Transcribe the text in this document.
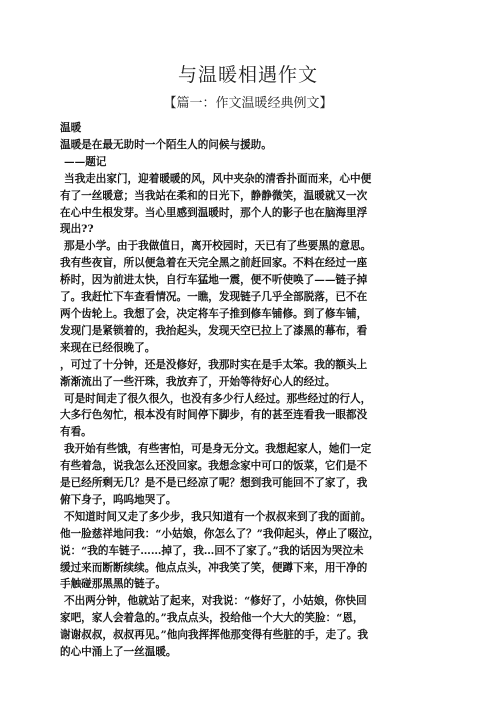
与温暖相遇作文
【篇一：作文温暖经典例文】
温暖
温暖是在最无助时一个陌生人的问候与援助。
——题记
当我走出家门，迎着暖暖的风，风中夹杂的清香扑面而来，心中便
有了一丝暖意；当我站在柔和的日光下，静静微笑，温暖就又一次
在心中生根发芽。当心里感到温暖时，那个人的影子也在脑海里浮
现出??
那是小学。由于我做值日，离开校园时，天已有了些要黑的意思。
我有些夜盲，所以便急着在天完全黑之前赶回家。不料在经过一座
桥时，因为前进太快，自行车猛地一震，便不听使唤了——链子掉
了。我赶忙下车查看情况。一瞧，发现链子几乎全部脱落，已不在
两个齿轮上。我想了会，决定将车子推到修车铺修。到了修车铺，
发现门是紧锁着的，我抬起头，发现天空已拉上了漆黑的幕布，看
来现在已经很晚了。
，可过了十分钟，还是没修好，我那时实在是手太笨。我的额头上
渐渐流出了一些汗珠，我放弃了，开始等待好心人的经过。
可是时间走了很久很久，也没有多少行人经过。那些经过的行人，
大多行色匆忙，根本没有时间停下脚步，有的甚至连看我一眼都没
有看。
我开始有些饿，有些害怕，可是身无分文。我想起家人，她们一定
有些着急，说我怎么还没回家。我想念家中可口的饭菜，它们是不
是已经所剩无几？是不是已经凉了呢？想到我可能回不了家了，我
俯下身子，呜呜地哭了。
不知道时间又走了多少步，我只知道有一个叔叔来到了我的面前。
他一脸慈祥地问我：“小姑娘，你怎么了？”我仰起头，停止了啜泣，
说：“我的车链子……掉了，我…回不了家了。”我的话因为哭泣未
缓过来而断断续续。他点点头，冲我笑了笑，便蹲下来，用干净的
手触碰那黑黑的链子。
不出两分钟，他就站了起来，对我说：“修好了，小姑娘，你快回
家吧，家人会着急的。”我点点头，投给他一个大大的笑脸：“恩，
谢谢叔叔，叔叔再见。”他向我挥挥他那变得有些脏的手，走了。我
的心中涌上了一丝温暖。
